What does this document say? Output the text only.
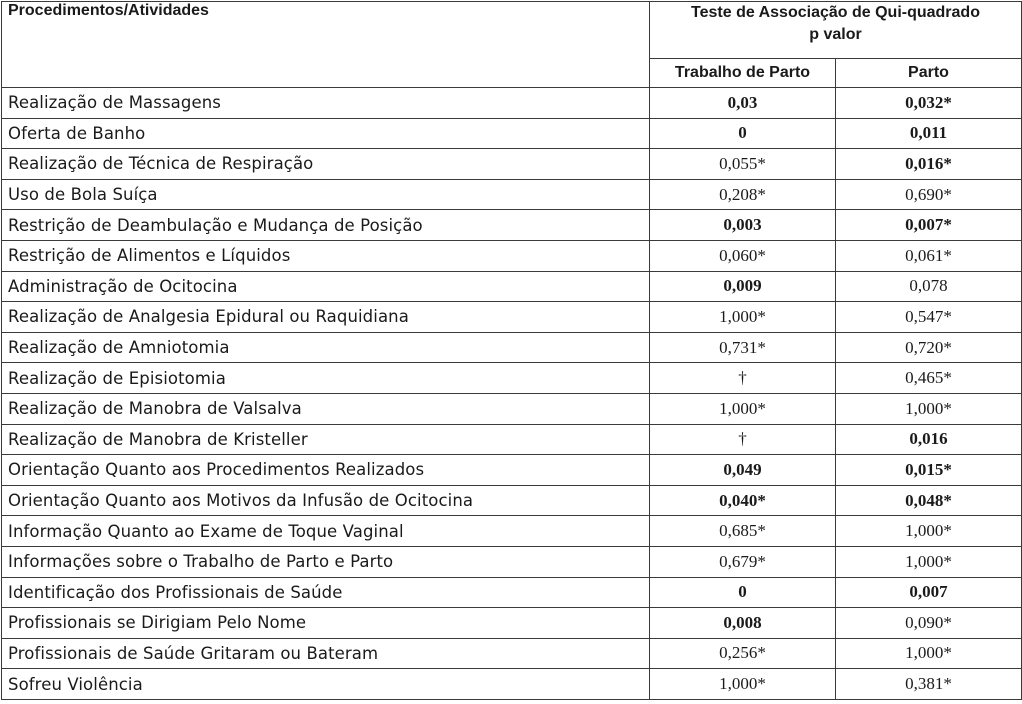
Procedimentos/Atividades	Teste de Associação de Qui-quadrado
p valor	

	Trabalho de Parto	Parto
Realização de Massagens	0,03	0,032*
Oferta de Banho	0	0,011
Realização de Técnica de Respiração	0,055*	0,016*
Uso de Bola Suíça	0,208*	0,690*
Restrição de Deambulação e Mudança de Posição	0,003	0,007*
Restrição de Alimentos e Líquidos	0,060*	0,061*
Administração de Ocitocina	0,009	0,078
Realização de Analgesia Epidural ou Raquidiana	1,000*	0,547*
Realização de Amniotomia	0,731*	0,720*
Realização de Episiotomia	†	0,465*
Realização de Manobra de Valsalva	1,000*	1,000*
Realização de Manobra de Kristeller	†	0,016
Orientação Quanto aos Procedimentos Realizados	0,049	0,015*
Orientação Quanto aos Motivos da Infusão de Ocitocina	0,040*	0,048*
Informação Quanto ao Exame de Toque Vaginal	0,685*	1,000*
Informações sobre o Trabalho de Parto e Parto	0,679*	1,000*
Identificação dos Profissionais de Saúde	0	0,007
Profissionais se Dirigiam Pelo Nome	0,008	0,090*
Profissionais de Saúde Gritaram ou Bateram	0,256*	1,000*
Sofreu Violência	1,000*	0,381*
